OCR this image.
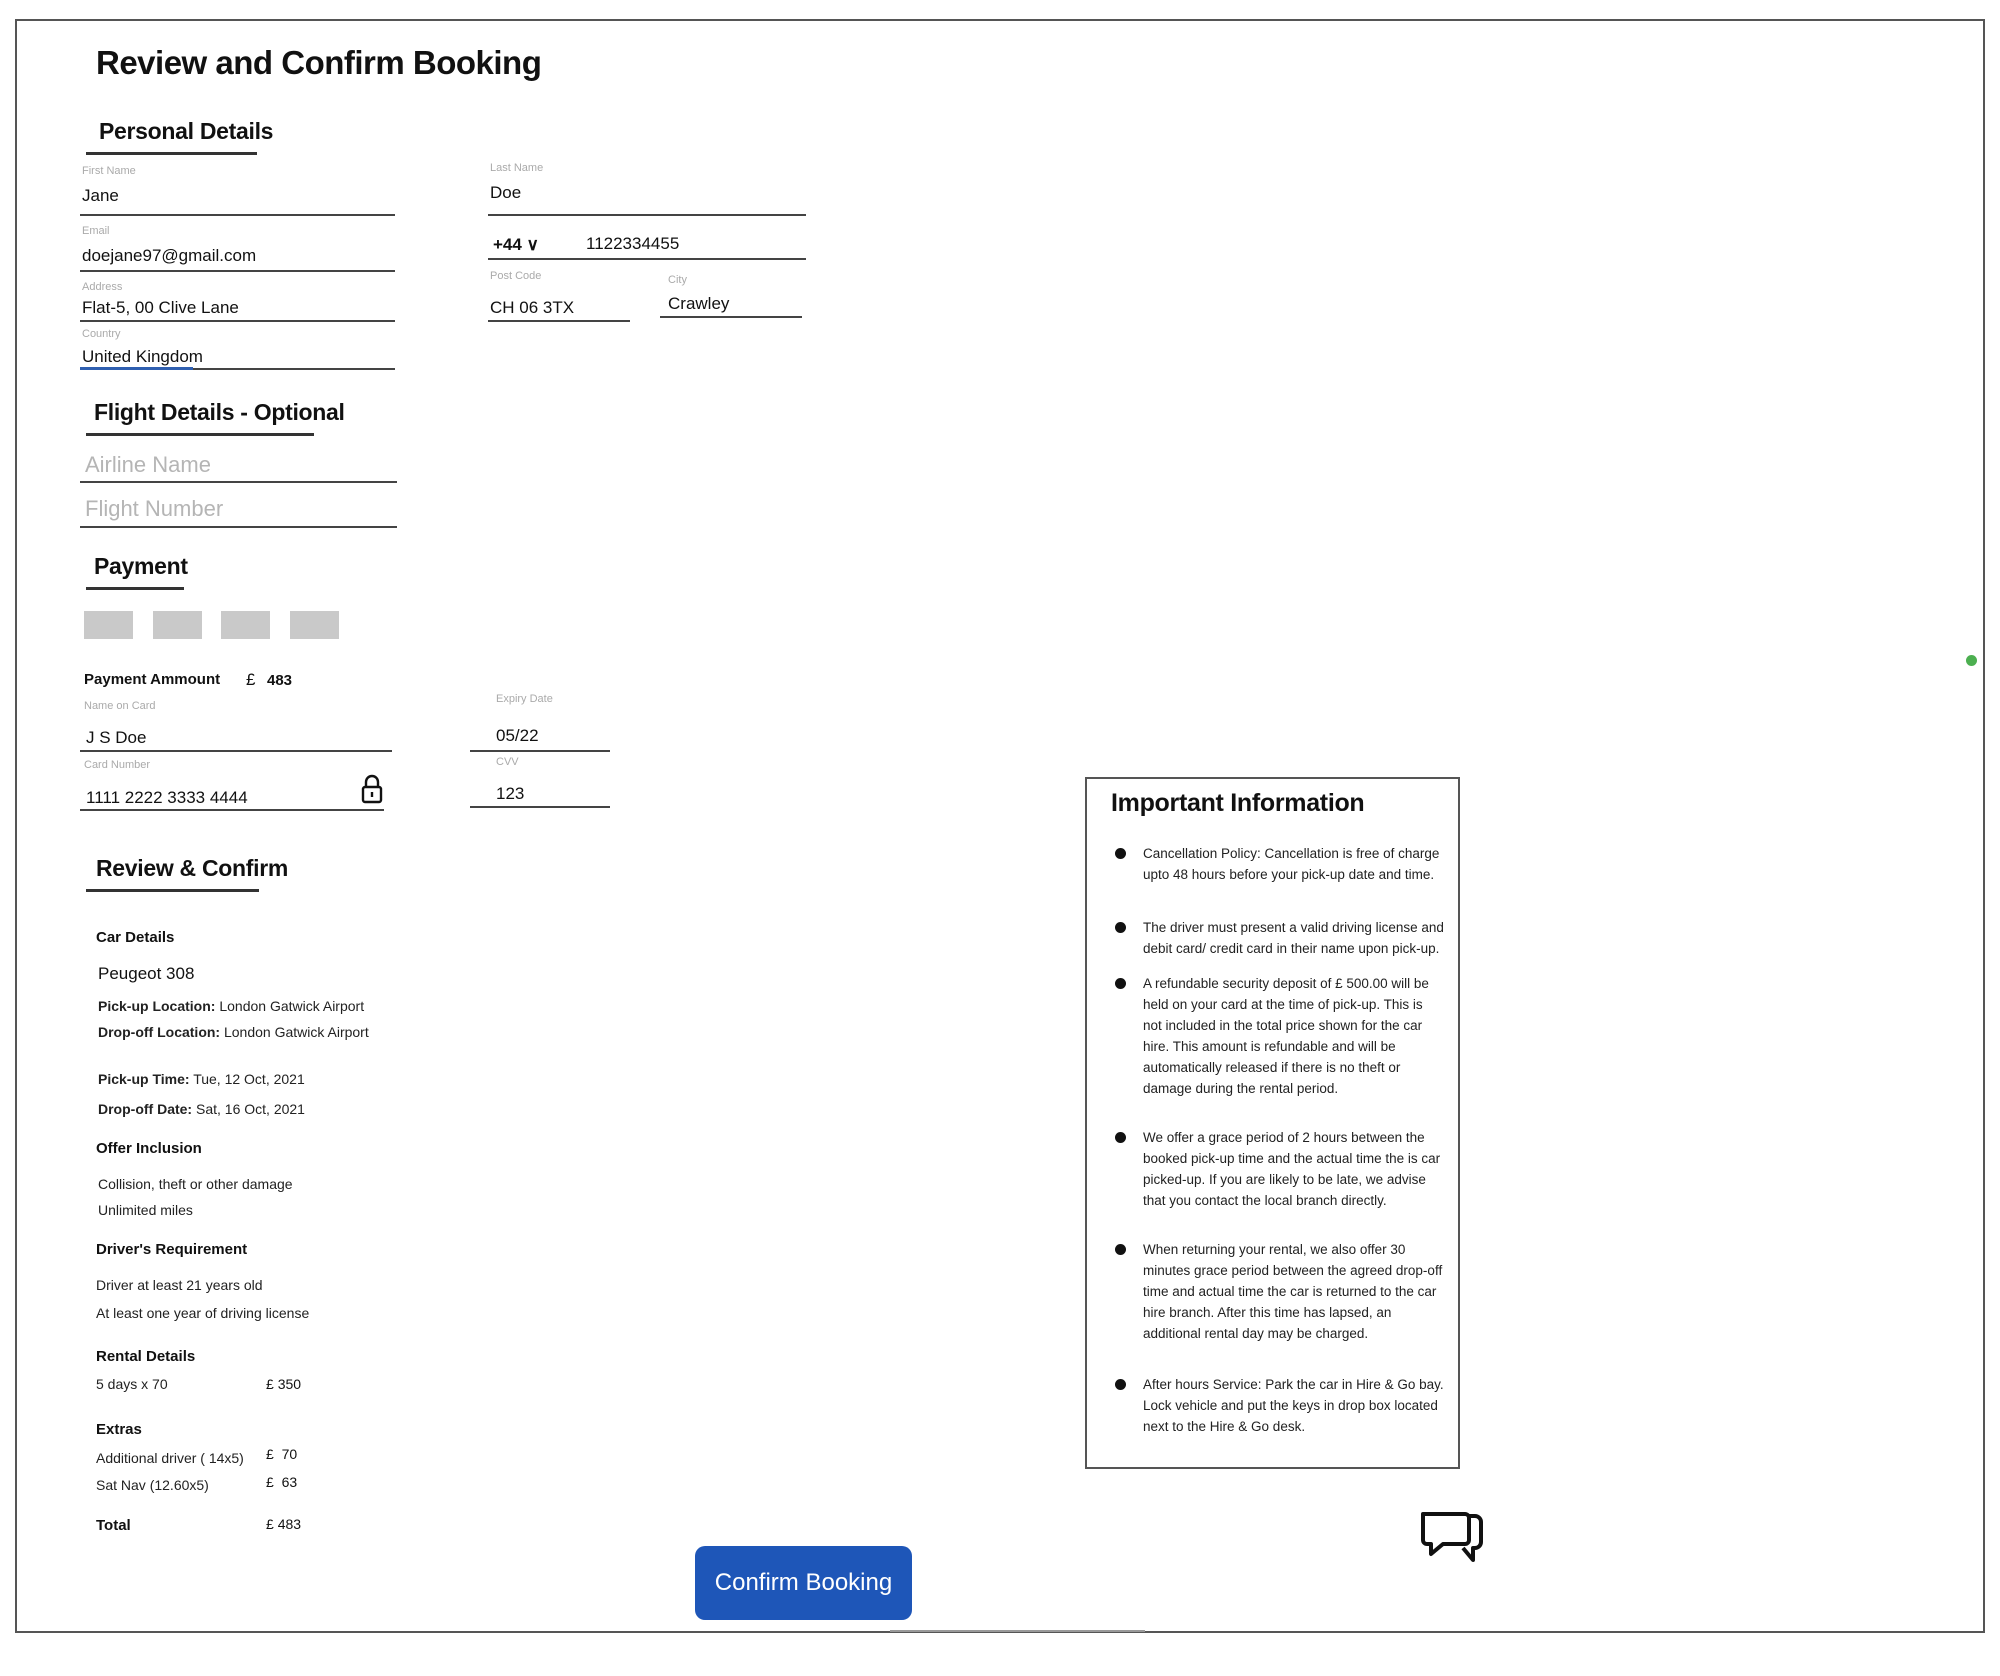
Review and Confirm Booking
Personal Details
First Name
Jane
Last Name
Doe
Email
doejane97@gmail.com
+44 ∨	1122334455
Address
Flat-5, 00 Clive Lane
Post Code
CH 06 3TX
City
Crawley
Country
United Kingdom
Flight Details - Optional
Airline Name
Flight Number
Payment
Payment Ammount £ 483
Name on Card
J S Doe
Expiry Date
05/22
Card Number
1111 2222 3333 4444
CVV
123
Review & Confirm
Car Details
Peugeot 308
Pick-up Location: London Gatwick Airport
Drop-off Location: London Gatwick Airport
Pick-up Time: Tue, 12 Oct, 2021
Drop-off Date: Sat, 16 Oct, 2021
Offer Inclusion
Collision, theft or other damage
Unlimited miles
Driver's Requirement
Driver at least 21 years old
At least one year of driving license
Rental Details
5 days x 70	£ 350
Extras
Additional driver ( 14x5) £ 70
Sat Nav (12.60x5)	£ 63
Total	£ 483
Important Information
Cancellation Policy: Cancellation is free of charge upto 48 hours before your pick-up date and time.
The driver must present a valid driving license and debit card/ credit card in their name upon pick-up.
A refundable security deposit of £ 500.00 will be held on your card at the time of pick-up. This is not included in the total price shown for the car hire. This amount is refundable and will be automatically released if there is no theft or damage during the rental period.
We offer a grace period of 2 hours between the booked pick-up time and the actual time the is car picked-up. If you are likely to be late, we advise that you contact the local branch directly.
When returning your rental, we also offer 30 minutes grace period between the agreed drop-off time and actual time the car is returned to the car hire branch. After this time has lapsed, an additional rental day may be charged.
After hours Service: Park the car in Hire & Go bay. Lock vehicle and put the keys in drop box located next to the Hire & Go desk.
Confirm Booking
